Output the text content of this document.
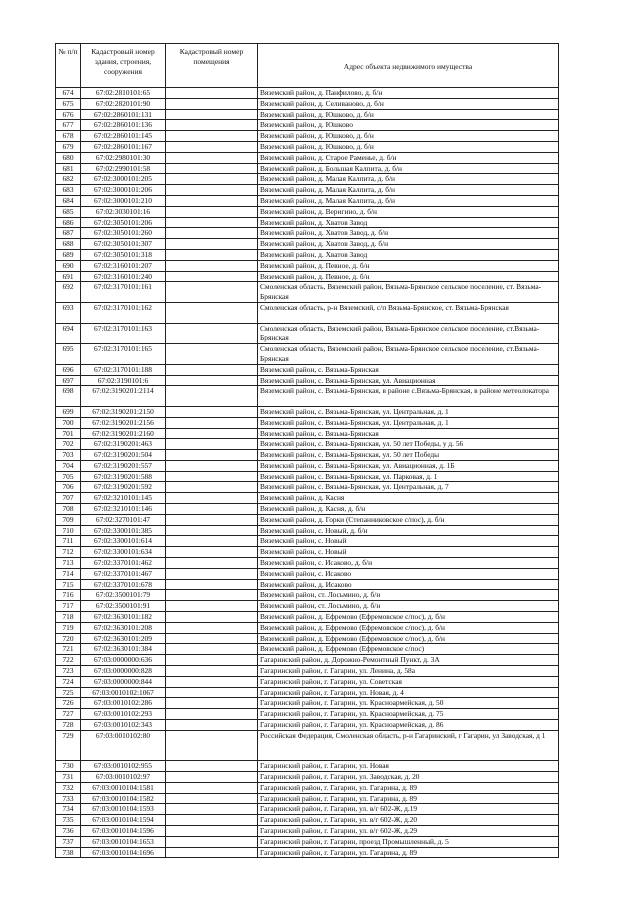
№ п/п	Кадастровый номер здания, строения, сооружения	Кадастровый номер помещения	Адрес объекта недвижимого имущества
674	67:02:2810101:65		Вяземский район, д. Панфилово, д. б/н
675	67:02:2820101:90		Вяземский район, д. Селиваново, д. б/н
676	67:02:2860101:131		Вяземский район, д. Юшково, д. б/н
677	67:02:2860101:136		Вяземский район, д. Юшково
678	67:02:2860101:145		Вяземский район, д. Юшково, д. б/н
679	67:02:2860101:167		Вяземский район, д. Юшково, д. б/н
680	67:02:2980101:30		Вяземский район, д. Старое Раменье, д. б/н
681	67:02:2990101:58		Вяземский район, д. Большая Калпита, д. б/н
682	67:02:3000101:205		Вяземский район, д. Малая Калпита, д. б/н
683	67:02:3000101:206		Вяземский район, д. Малая Калпита, д. б/н
684	67:02:3000101:210		Вяземский район, д. Малая Калпита, д. б/н
685	67:02:3030101:16		Вяземский район, д. Веригино, д. б/н
686	67:02:3050101:206		Вяземский район, д. Хватов Завод
687	67:02:3050101:260		Вяземский район, д. Хватов Завод, д. б/н
688	67:02:3050101:307		Вяземский район, д. Хватов Завод, д. б/н
689	67:02:3050101:318		Вяземский район, д. Хватов Завод
690	67:02:3160101:207		Вяземский район, д. Певное, д. б/н
691	67:02:3160101:240		Вяземский район, д. Певное, д. б/н
692	67:02:3170101:161		Смоленская область, Вяземский район, Вязьма-Брянское сельское поселение, ст. Вязьма-Брянская
693	67:02:3170101:162		Смоленская область, р-н Вяземский, с/п Вязьма-Брянское, ст. Вязьма-Брянская
694	67:02:3170101:163		Смоленская область, Вяземский район, Вязьма-Брянское сельское поселение, ст.Вязьма-Брянская
695	67:02:3170101:165		Смоленская область, Вяземский район, Вязьма-Брянское сельское поселение, ст.Вязьма-Брянская
696	67:02:3170101:188		Вяземский район, с. Вязьма-Брянская
697	67:02:3190101:6		Вяземский район, с. Вязьма-Брянская, ул. Авиационная
698	67:02:3190201:2114		Вяземский район, с. Вязьма-Брянская, в районе с.Вязьма-Брянская, в районе метеолокатора
699	67:02:3190201:2150		Вяземский район, с. Вязьма-Брянская, ул. Центральная, д. 1
700	67:02:3190201:2156		Вяземский район, с. Вязьма-Брянская, ул. Центральная, д. 1
701	67:02:3190201:2160		Вяземский район, с. Вязьма-Брянская
702	67:02:3190201:463		Вяземский район, с. Вязьма-Брянская, ул. 50 лет Победы, у д. 56
703	67:02:3190201:504		Вяземский район, с. Вязьма-Брянская, ул. 50 лет Победы
704	67:02:3190201:557		Вяземский район, с. Вязьма-Брянская, ул. Авиационная, д. 1Б
705	67:02:3190201:588		Вяземский район, с. Вязьма-Брянская, ул. Парковая, д. 1
706	67:02:3190201:592		Вяземский район, с. Вязьма-Брянская, ул. Центральная, д. 7
707	67:02:3210101:145		Вяземский район, д. Касня
708	67:02:3210101:146		Вяземский район, д. Касня, д. б/н
709	67:02:3270101:47		Вяземский район, д. Горки (Степанниковское с/пос), д. б/н
710	67:02:3300101:385		Вяземский район, с. Новый, д. б/н
711	67:02:3300101:614		Вяземский район, с. Новый
712	67:02:3300101:634		Вяземский район, с. Новый
713	67:02:3370101:462		Вяземский район, с. Исаково, д. б/н
714	67:02:3370101:467		Вяземский район, с. Исаково
715	67:02:3370101:678		Вяземский район, д. Исаково
716	67:02:3500101:79		Вяземский район, ст. Лосьмино, д. б/н
717	67:02:3500101:91		Вяземский район, ст. Лосьмино, д. б/н
718	67:02:3630101:182		Вяземский район, д. Ефремово (Ефремовское с/пос), д. б/н
719	67:02:3630101:208		Вяземский район, д. Ефремово (Ефремовское с/пос), д. б/н
720	67:02:3630101:209		Вяземский район, д. Ефремово (Ефремовское с/пос), д. б/н
721	67:02:3630101:384		Вяземский район, д. Ефремово (Ефремовское с/пос)
722	67:03:0000000:636		Гагаринский район, д. Дорожно-Ремонтный Пункт, д. 3А
723	67:03:0000000:828		Гагаринский район, г. Гагарин, ул. Ленина, д. 58а
724	67:03:0000000:844		Гагаринский район, г. Гагарин, ул. Советская
725	67:03:0010102:1067		Гагаринский район, г. Гагарин, ул. Новая, д. 4
726	67:03:0010102:286		Гагаринский район, г. Гагарин, ул. Красноармейская, д. 50
727	67:03:0010102:293		Гагаринский район, г. Гагарин, ул. Красноармейская, д. 75
728	67:03:0010102:343		Гагаринский район, г. Гагарин, ул. Красноармейская, д. 86
729	67:03:0010102:80		Российская Федерация, Смоленская область, р-н Гагаринский, г Гагарин, ул Заводская, д 1
730	67:03:0010102:955		Гагаринский район, г. Гагарин, ул. Новая
731	67:03:0010102:97		Гагаринский район, г. Гагарин, ул. Заводская, д. 20
732	67:03:0010104:1581		Гагаринский район, г. Гагарин, ул. Гагарина, д. 89
733	67:03:0010104:1582		Гагаринский район, г. Гагарин, ул. Гагарина, д. 89
734	67:03:0010104:1593		Гагаринский район, г. Гагарин, ул. в/г 602-Ж, д.19
735	67:03:0010104:1594		Гагаринский район, г. Гагарин, ул. в/г 602-Ж, д.20
736	67:03:0010104:1596		Гагаринский район, г. Гагарин, ул. в/г 602-Ж, д.29
737	67:03:0010104:1653		Гагаринский район, г. Гагарин, проезд Промышленный, д. 5
738	67:03:0010104:1696		Гагаринский район, г. Гагарин, ул. Гагарина, д. 89
